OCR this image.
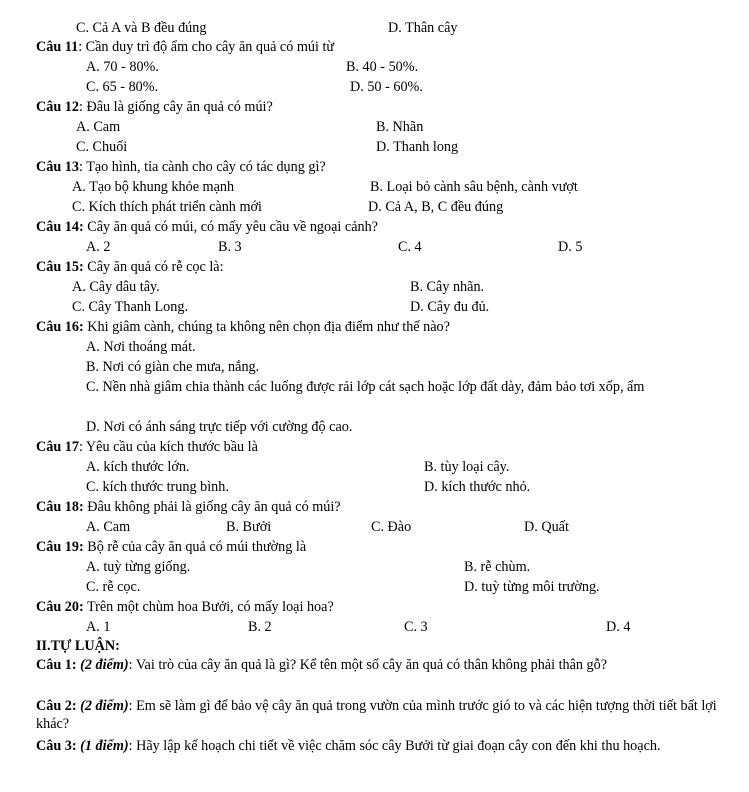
C. Cả A và B đều đúng	D. Thân cây
Câu 11: Cần duy trì độ ẩm cho cây ăn quả có múi từ
A. 70 - 80%.	B. 40 - 50%.
C. 65 - 80%.	D. 50 - 60%.
Câu 12: Đâu là giống cây ăn quả có múi?
A. Cam	B. Nhãn
C. Chuối	D. Thanh long
Câu 13: Tạo hình, tỉa cành cho cây có tác dụng gì?
A. Tạo bộ khung khỏe mạnh	B. Loại bỏ cành sâu bệnh, cành vượt
C. Kích thích phát triển cành mới	D. Cả A, B, C đều đúng
Câu 14: Cây ăn quả có múi, có mấy yêu cầu về ngoại cảnh?
A. 2	B. 3	C. 4	D. 5
Câu 15: Cây ăn quả có rễ cọc là:
A. Cây dâu tây.	B. Cây nhãn.
C. Cây Thanh Long.	D. Cây đu đủ.
Câu 16: Khi giâm cành, chúng ta không nên chọn địa điểm như thế nào?
A. Nơi thoáng mát.
B. Nơi có giàn che mưa, nắng.
C. Nền nhà giâm chia thành các luống được rải lớp cát sạch hoặc lớp đất dày, đảm bảo tơi xốp, ẩm
D. Nơi có ánh sáng trực tiếp với cường độ cao.
Câu 17: Yêu cầu của kích thước bầu là
A. kích thước lớn.	B. tùy loại cây.
C. kích thước trung bình.	D. kích thước nhỏ.
Câu 18: Đâu không phải là giống cây ăn quả có múi?
A. Cam	B. Bưởi	C. Đào	D. Quất
Câu 19: Bộ rễ của cây ăn quả có múi thường là
A. tuỳ từng giống.	B. rễ chùm.
C. rễ cọc.	D. tuỳ từng môi trường.
Câu 20: Trên một chùm hoa Bưởi, có mấy loại hoa?
A. 1	B. 2	C. 3	D. 4
II.TỰ LUẬN:
Câu 1: (2 điểm): Vai trò của cây ăn quả là gì? Kể tên một số cây ăn quả có thân không phải thân gỗ?
Câu 2: (2 điểm): Em sẽ làm gì để bảo vệ cây ăn quả trong vườn của mình trước gió to và các hiện tượng thời tiết bất lợi khác?
Câu 3: (1 điểm): Hãy lập kế hoạch chi tiết về việc chăm sóc cây Bưởi từ giai đoạn cây con đến khi thu hoạch.
